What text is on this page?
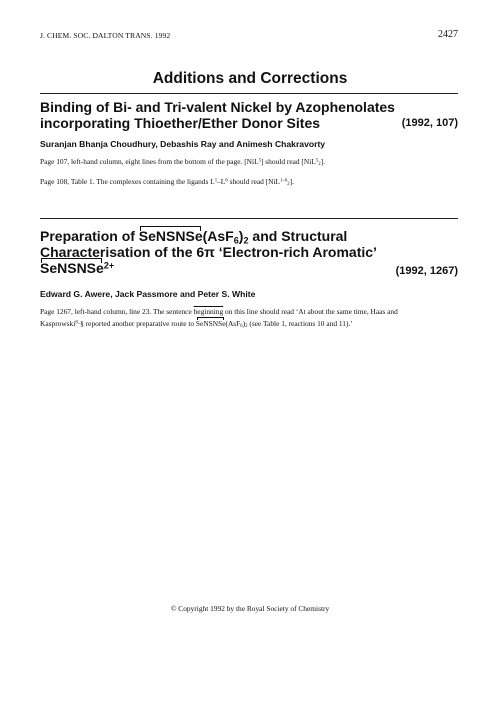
J. CHEM. SOC. DALTON TRANS. 1992	2427
Additions and Corrections
Binding of Bi- and Tri-valent Nickel by Azophenolates
incorporating Thioether/Ether Donor Sites	(1992, 107)
Suranjan Bhanja Choudhury, Debashis Ray and Animesh Chakravorty
Page 107, left-hand column, eight lines from the bottom of the page. [NiL$^5$] should read [NiL$^5_2$].
Page 108, Table 1. The complexes containing the ligands $L^1-L^6$ should read [NiL$^{1-6}_2$].
Preparation of $SeNSNSe(AsF_6)_2$ and Structural
Characterisation of the 6π ‘Electron-rich Aromatic’
SeNSNSe$^{2+}$	(1992, 1267)
Edward G. Awere, Jack Passmore and Peter S. White
Page 1267, left-hand column, line 23. The sentence beginning on this line should read ‘At about the same time, Haas and
Kasprowski$^8$·§ reported another preparative route to $SeNSNSe(AsF_6)_2$ (see Table 1, reactions 10 and 11).’
© Copyright 1992 by the Royal Society of Chemistry
